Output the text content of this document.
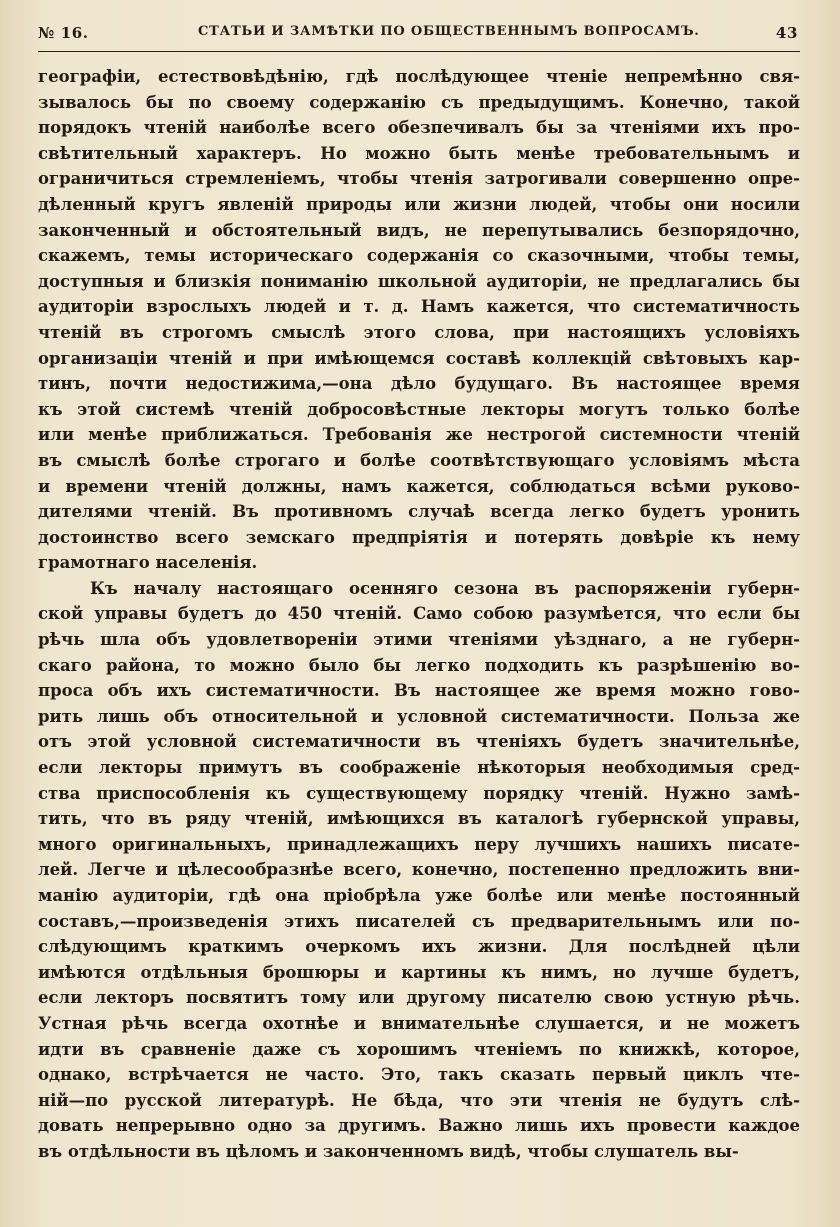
№ 16.	СТАТЬИ И ЗАМѢТКИ ПО ОБЩЕСТВЕННЫМЪ ВОПРОСАМЪ.	43
географіи, естествовѣдѣнію, гдѣ послѣдующее чтеніе непремѣнно свя-
зывалось бы по своему содержанію съ предыдущимъ. Конечно, такой
порядокъ чтеній наиболѣе всего обезпечивалъ бы за чтеніями ихъ про-
свѣтительный характеръ. Но можно быть менѣе требовательнымъ и
ограничиться стремленіемъ, чтобы чтенія затрогивали совершенно опре-
дѣленный кругъ явленій природы или жизни людей, чтобы они носили
законченный и обстоятельный видъ, не перепутывались безпорядочно,
скажемъ, темы историческаго содержанія со сказочными, чтобы темы,
доступныя и близкія пониманію школьной аудиторіи, не предлагались бы
аудиторіи взрослыхъ людей и т. д. Намъ кажется, что систематичность
чтеній въ строгомъ смыслѣ этого слова, при настоящихъ условіяхъ
организаціи чтеній и при имѣющемся составѣ коллекцій свѣтовыхъ кар-
тинъ, почти недостижима,—она дѣло будущаго. Въ настоящее время
къ этой системѣ чтеній добросовѣстные лекторы могутъ только болѣе
или менѣе приближаться. Требованія же нестрогой системности чтеній
въ смыслѣ болѣе строгаго и болѣе соотвѣтствующаго условіямъ мѣста
и времени чтеній должны, намъ кажется, соблюдаться всѣми руково-
дителями чтеній. Въ противномъ случаѣ всегда легко будетъ уронить
достоинство всего земскаго предпріятія и потерять довѣріе къ нему
грамотнаго населенія.
Къ началу настоящаго осенняго сезона въ распоряженіи губерн-
ской управы будетъ до 450 чтеній. Само собою разумѣется, что если бы
рѣчь шла объ удовлетвореніи этими чтеніями уѣзднаго, а не губерн-
скаго района, то можно было бы легко подходить къ разрѣшенію во-
проса объ ихъ систематичности. Въ настоящее же время можно гово-
рить лишь объ относительной и условной систематичности. Польза же
отъ этой условной систематичности въ чтеніяхъ будетъ значительнѣе,
если лекторы примутъ въ соображеніе нѣкоторыя необходимыя сред-
ства приспособленія къ существующему порядку чтеній. Нужно замѣ-
тить, что въ ряду чтеній, имѣющихся въ каталогѣ губернской управы,
много оригинальныхъ, принадлежащихъ перу лучшихъ нашихъ писате-
лей. Легче и цѣлесообразнѣе всего, конечно, постепенно предложить вни-
манію аудиторіи, гдѣ она пріобрѣла уже болѣе или менѣе постоянный
составъ,—произведенія этихъ писателей съ предварительнымъ или по-
слѣдующимъ краткимъ очеркомъ ихъ жизни. Для послѣдней цѣли
имѣются отдѣльныя брошюры и картины къ нимъ, но лучше будетъ,
если лекторъ посвятитъ тому или другому писателю свою устную рѣчь.
Устная рѣчь всегда охотнѣе и внимательнѣе слушается, и не можетъ
идти въ сравненіе даже съ хорошимъ чтеніемъ по книжкѣ, которое,
однако, встрѣчается не часто. Это, такъ сказать первый циклъ чте-
ній—по русской литературѣ. Не бѣда, что эти чтенія не будутъ слѣ-
довать непрерывно одно за другимъ. Важно лишь ихъ провести каждое
въ отдѣльности въ цѣломъ и законченномъ видѣ, чтобы слушатель вы-
